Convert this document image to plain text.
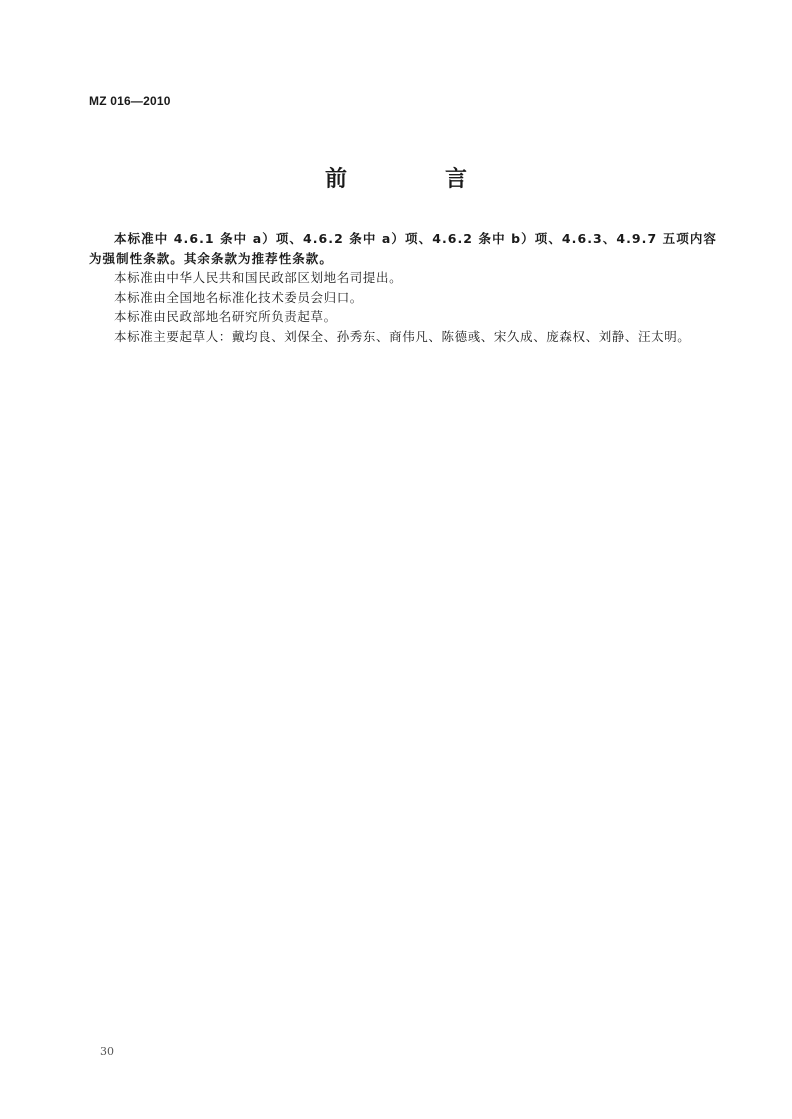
MZ 016—2010
前　言

本标准中 4.6.1 条中 a）项、4.6.2 条中 a）项、4.6.2 条中 b）项、4.6.3、4.9.7 五项内容为强制性条款。其余条款为推荐性条款。

本标准由中华人民共和国民政部区划地名司提出。

本标准由全国地名标准化技术委员会归口。

本标准由民政部地名研究所负责起草。

本标准主要起草人：戴均良、刘保全、孙秀东、商伟凡、陈德彧、宋久成、庞森权、刘静、汪太明。

30
